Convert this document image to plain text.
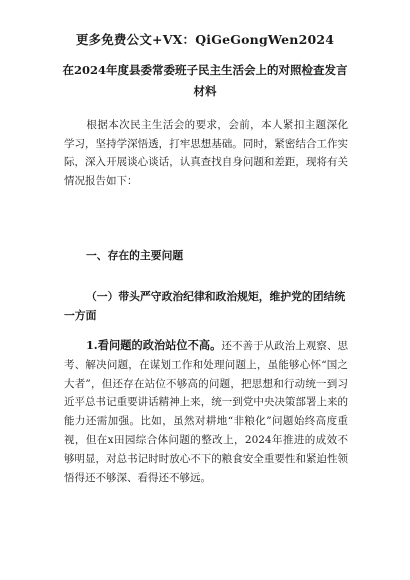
更多免费公文+VX：QiGeGongWen2024
在2024年度县委常委班子民主生活会上的对照检查发言材料
根据本次民主生活会的要求，会前，本人紧扣主题深化学习，坚持学深悟透，打牢思想基础。同时，紧密结合工作实际，深入开展谈心谈话，认真查找自身问题和差距，现将有关情况报告如下：
一、存在的主要问题
（一）带头严守政治纪律和政治规矩，维护党的团结统一方面
1.看问题的政治站位不高。还不善于从政治上观察、思考、解决问题，在谋划工作和处理问题上，虽能够心怀“国之大者”，但还存在站位不够高的问题，把思想和行动统一到习近平总书记重要讲话精神上来，统一到党中央决策部署上来的能力还需加强。比如，虽然对耕地“非粮化”问题始终高度重视，但在x田园综合体问题的整改上，2024年推进的成效不够明显，对总书记时时放心不下的粮食安全重要性和紧迫性领悟得还不够深、看得还不够远。
